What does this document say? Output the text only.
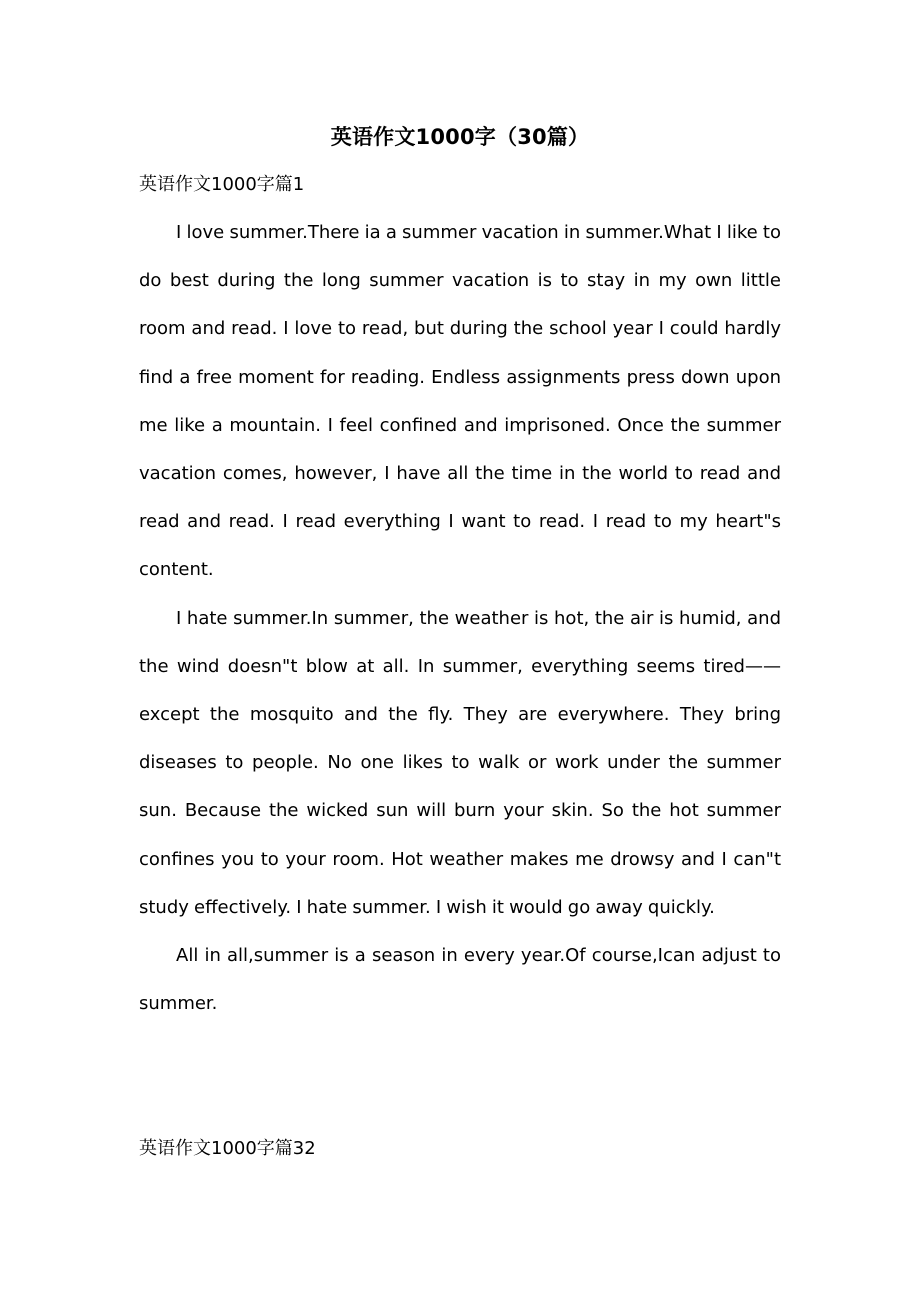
英语作文1000字（30篇）
英语作文1000字篇1

I love summer.There ia a summer vacation in summer.What I like to do best during the long summer vacation is to stay in my own little room and read. I love to read, but during the school year I could hardly find a free moment for reading. Endless assignments press down upon me like a mountain. I feel confined and imprisoned. Once the summer vacation comes, however, I have all the time in the world to read and read and read. I read everything I want to read. I read to my heart"s content.

I hate summer.In summer, the weather is hot, the air is humid, and the wind doesn"t blow at all. In summer, everything seems tired——except the mosquito and the fly. They are everywhere. They bring diseases to people. No one likes to walk or work under the summer sun. Because the wicked sun will burn your skin. So the hot summer confines you to your room. Hot weather makes me drowsy and I can"t study effectively. I hate summer. I wish it would go away quickly.

All in all,summer is a season in every year.Of course,Ican adjust to summer.

英语作文1000字篇32
